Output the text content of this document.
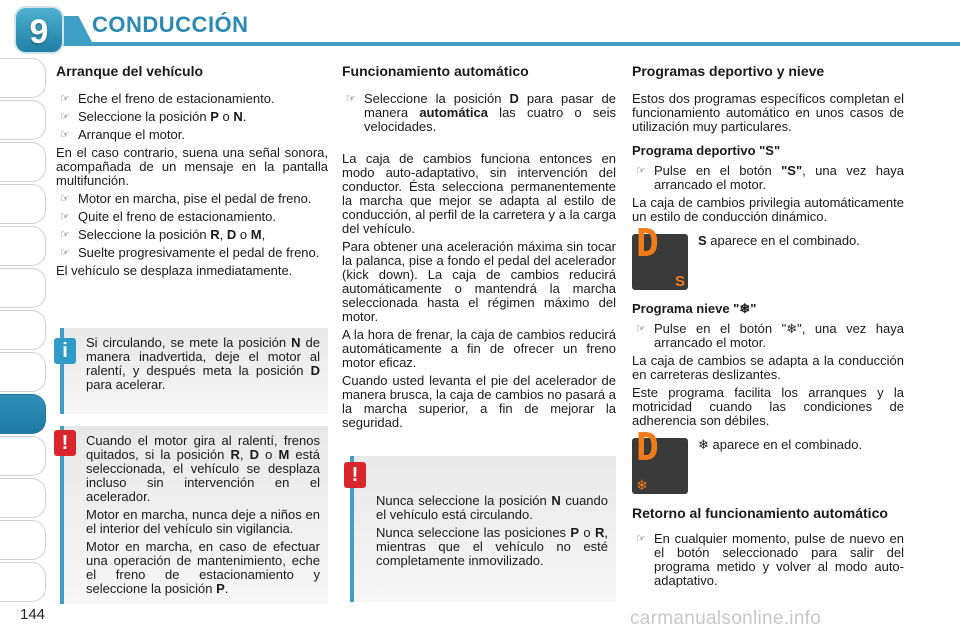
9	CONDUCCIÓN
Arranque del vehículo
☞ Eche el freno de estacionamiento.
☞ Seleccione la posición P o N.
☞ Arranque el motor.

En el caso contrario, suena una señal sonora, acompañada de un mensaje en la pantalla multifunción.

☞ Motor en marcha, pise el pedal de freno.
☞ Quite el freno de estacionamiento.
☞ Seleccione la posición R, D o M,
☞ Suelte progresivamente el pedal de freno.

El vehículo se desplaza inmediatamente.

Si circulando, se mete la posición N de manera inadvertida, deje el motor al ralentí, y después meta la posición D para acelerar.

i

Cuando el motor gira al ralentí, frenos quitados, si la posición R, D o M está seleccionada, el vehículo se desplaza incluso sin intervención en el acelerador.

Motor en marcha, nunca deje a niños en el interior del vehículo sin vigilancia.

Motor en marcha, en caso de efectuar una operación de mantenimiento, eche el freno de estacionamiento y seleccione la posición P.

!
Funcionamiento automático
☞ Seleccione la posición D para pasar de manera automática las cuatro o seis velocidades.

La caja de cambios funciona entonces en modo auto-adaptativo, sin intervención del conductor. Ésta selecciona permanentemente la marcha que mejor se adapta al estilo de conducción, al perfil de la carretera y a la carga del vehículo.

Para obtener una aceleración máxima sin tocar la palanca, pise a fondo el pedal del acelerador (kick down). La caja de cambios reducirá automáticamente o mantendrá la marcha seleccionada hasta el régimen máximo del motor.

A la hora de frenar, la caja de cambios reducirá automáticamente a fin de ofrecer un freno motor eficaz.

Cuando usted levanta el pie del acelerador de manera brusca, la caja de cambios no pasará a la marcha superior, a fin de mejorar la seguridad.

Nunca seleccione la posición N cuando el vehículo está circulando.

Nunca seleccione las posiciones P o R, mientras que el vehículo no esté completamente inmovilizado.

!
Programas deportivo y nieve

Estos dos programas específicos completan el funcionamiento automático en unos casos de utilización muy particulares.

Programa deportivo "S"
☞ Pulse en el botón "S", una vez haya arrancado el motor.

La caja de cambios privilegia automáticamente un estilo de conducción dinámico.

D
S
S aparece en el combinado.
Programa nieve "❄"
☞ Pulse en el botón "❄", una vez haya arrancado el motor.

La caja de cambios se adapta a la conducción en carreteras deslizantes.

Este programa facilita los arranques y la motricidad cuando las condiciones de adherencia son débiles.

D
❄
❄ aparece en el combinado.
Retorno al funcionamiento automático
☞ En cualquier momento, pulse de nuevo en el botón seleccionado para salir del programa metido y volver al modo auto-adaptativo.
144	carmanualsonline.info
